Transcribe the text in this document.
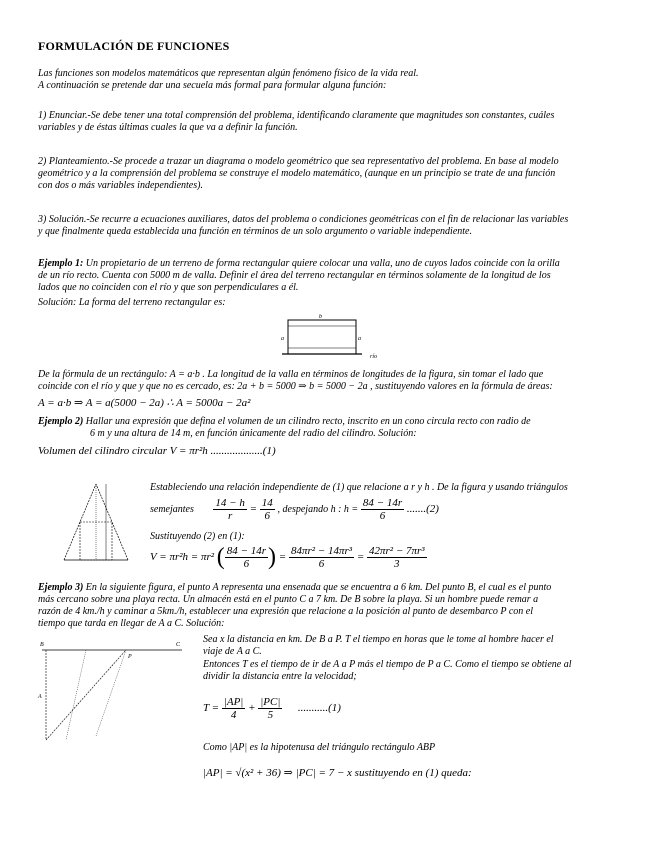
FORMULACIÓN DE FUNCIONES
Las funciones son modelos matemáticos que representan algún fenómeno físico de la vida real.
A continuación se pretende dar una secuela más formal para formular alguna función:
1) Enunciar.-Se debe tener una total comprensión del problema, identificando claramente que magnitudes son constantes, cuáles
variables y de éstas últimas cuales la que va a definir la función.
2) Planteamiento.-Se procede a trazar un diagrama o modelo geométrico que sea representativo del problema. En base al modelo
geométrico y a la comprensión del problema se construye el modelo matemático, (aunque en un principio se trate de una función
con dos o más variables independientes).
3) Solución.-Se recurre a ecuaciones auxiliares, datos del problema o condiciones geométricas con el fin de relacionar las variables
y que finalmente queda establecida una función en términos de un solo argumento o variable independiente.
Ejemplo 1: Un propietario de un terreno de forma rectangular quiere colocar una valla, uno de cuyos lados coincide con la orilla
de un río recto. Cuenta con 5000 m de valla. Definir el área del terreno rectangular en términos solamente de la longitud de los
lados que no coinciden con el río y que son perpendiculares a él.
Solución: La forma del terreno rectangular es:
b
a	a
río
De la fórmula de un rectángulo: A = a·b . La longitud de la valla en términos de longitudes de la figura, sin tomar el lado que
coincide con el río y que y que no es cercado, es: 2a + b = 5000 ⇒ b = 5000 − 2a , sustituyendo valores en la fórmula de áreas:
A = a·b ⇒ A = a(5000 − 2a) ∴ A = 5000a − 2a²
Ejemplo 2) Hallar una expresión que defina el volumen de un cilindro recto, inscrito en un cono circula recto con radio de
6 m y una altura de 14 m, en función únicamente del radio del cilindro. Solución:
Volumen del cilindro circular V = πr²h ...................(1)
Estableciendo una relación independiente de (1) que relacione a r y h . De la figura y usando triángulos
semejantes $\frac{14 - h}{r} = \frac{14}{6}$ , despejando h : $h = \frac{84 - 14r}{6} .......(2)$
Sustituyendo (2) en (1):
V = πr²h = πr² ( $\frac{84 - 14r}{6}$ ) = $\frac{\text{84πr² − 14πr³}}{6} = \frac{\text{42πr² − 7πr³}}{3}$
Ejemplo 3) En la siguiente figura, el punto A representa una ensenada que se encuentra a 6 km. Del punto B, el cual es el punto
más cercano sobre una playa recta. Un almacén está en el punto C a 7 km. De B sobre la playa. Si un hombre puede remar a
razón de 4 km./h y caminar a 5km./h, establecer una expresión que relacione a la posición al punto de desembarco P con el
tiempo que tarda en llegar de A a C. Solución:
B
P
C
A
Sea x la distancia en km. De B a P. T el tiempo en horas que le tome al hombre hacer el
viaje de A a C.
Entonces T es el tiempo de ir de A a P más el tiempo de P a C. Como el tiempo se obtiene al
dividir la distancia entre la velocidad;
$T = \frac{|AP|}{4} + \frac{|PC|}{5} ...........(1)$
Como |AP| es la hipotenusa del triángulo rectángulo ABP
|AP| = √(x² + 36) ⇒ |PC| = 7 − x sustituyendo en (1) queda:
